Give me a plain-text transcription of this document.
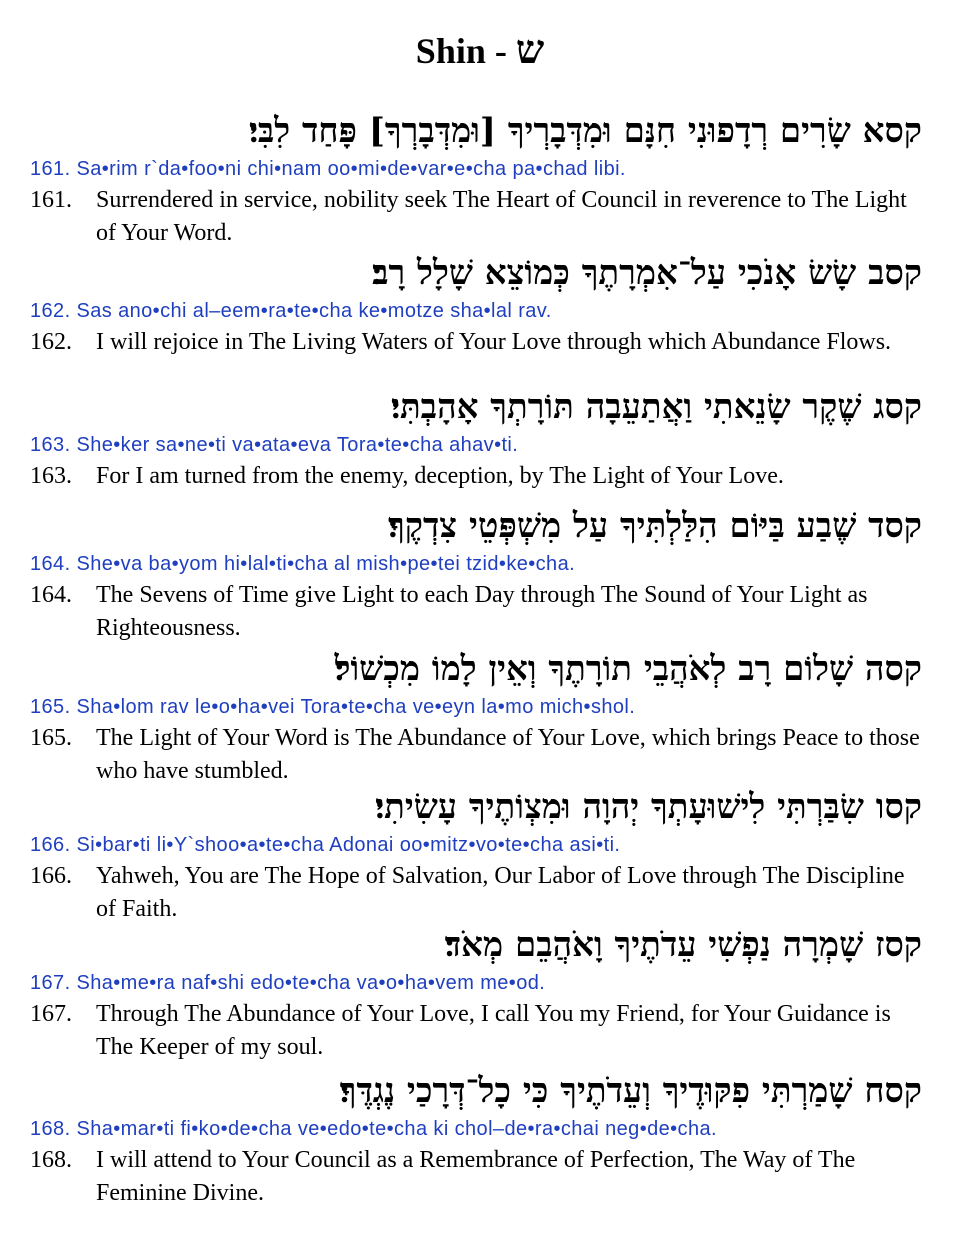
Shin - ש
קסא שָׂרִים רְדָפוּנִי חִנָּם וּמִדְּבָרְיךָ [וּמִדְּבָרְךָ] פָּחַד לִבִּי׃
161. Sa•rim r`da•foo•ni chi•nam oo•mi•de•var•e•cha pa•chad libi.
161. Surrendered in service, nobility seek The Heart of Council in reverence to The Light of Your Word.
קסב שָׂשׂ אָנֹכִי עַל־אִמְרָתֶךָ כְּמוֹצֵא שָׁלָל רָב׃
162. Sas ano•chi al–eem•ra•te•cha ke•motze sha•lal rav.
162. I will rejoice in The Living Waters of Your Love through which Abundance Flows.
קסג שֶׁקֶר שָׂנֵאתִי וַאֲתַעֵבָה תּוֹרָתְךָ אָהָבְתִּי׃
163. She•ker sa•ne•ti va•ata•eva Tora•te•cha ahav•ti.
163. For I am turned from the enemy, deception, by The Light of Your Love.
קסד שֶׁבַע בַּיּוֹם הִלַּלְתִּיךָ עַל מִשְׁפְּטֵי צִדְקֶךָ׃
164. She•va ba•yom hi•lal•ti•cha al mish•pe•tei tzid•ke•cha.
164. The Sevens of Time give Light to each Day through The Sound of Your Light as Righteousness.
קסה שָׁלוֹם רָב לְאֹהֲבֵי תוֹרָתֶךָ וְאֵין לָמוֹ מִכְשׁוֹל׃
165. Sha•lom rav le•o•ha•vei Tora•te•cha ve•eyn la•mo mich•shol.
165. The Light of Your Word is The Abundance of Your Love, which brings Peace to those who have stumbled.
קסו שִׂבַּרְתִּי לִישׁוּעָתְךָ יְהוָה וּמִצְוֹתֶיךָ עָשִׂיתִי׃
166. Si•bar•ti li•Y`shoo•a•te•cha Adonai oo•mitz•vo•te•cha asi•ti.
166. Yahweh, You are The Hope of Salvation, Our Labor of Love through The Discipline of Faith.
קסז שָׁמְרָה נַפְשִׁי עֵדֹתֶיךָ וָאֹהֲבֵם מְאֹד׃
167. Sha•me•ra naf•shi edo•te•cha va•o•ha•vem me•od.
167. Through The Abundance of Your Love, I call You my Friend, for Your Guidance is The Keeper of my soul.
קסח שָׁמַרְתִּי פִקּוּדֶיךָ וְעֵדֹתֶיךָ כִּי כָל־דְּרָכַי נֶגְדֶּךָ׃
168. Sha•mar•ti fi•ko•de•cha ve•edo•te•cha ki chol–de•ra•chai neg•de•cha.
168. I will attend to Your Council as a Remembrance of Perfection, The Way of The Feminine Divine.
